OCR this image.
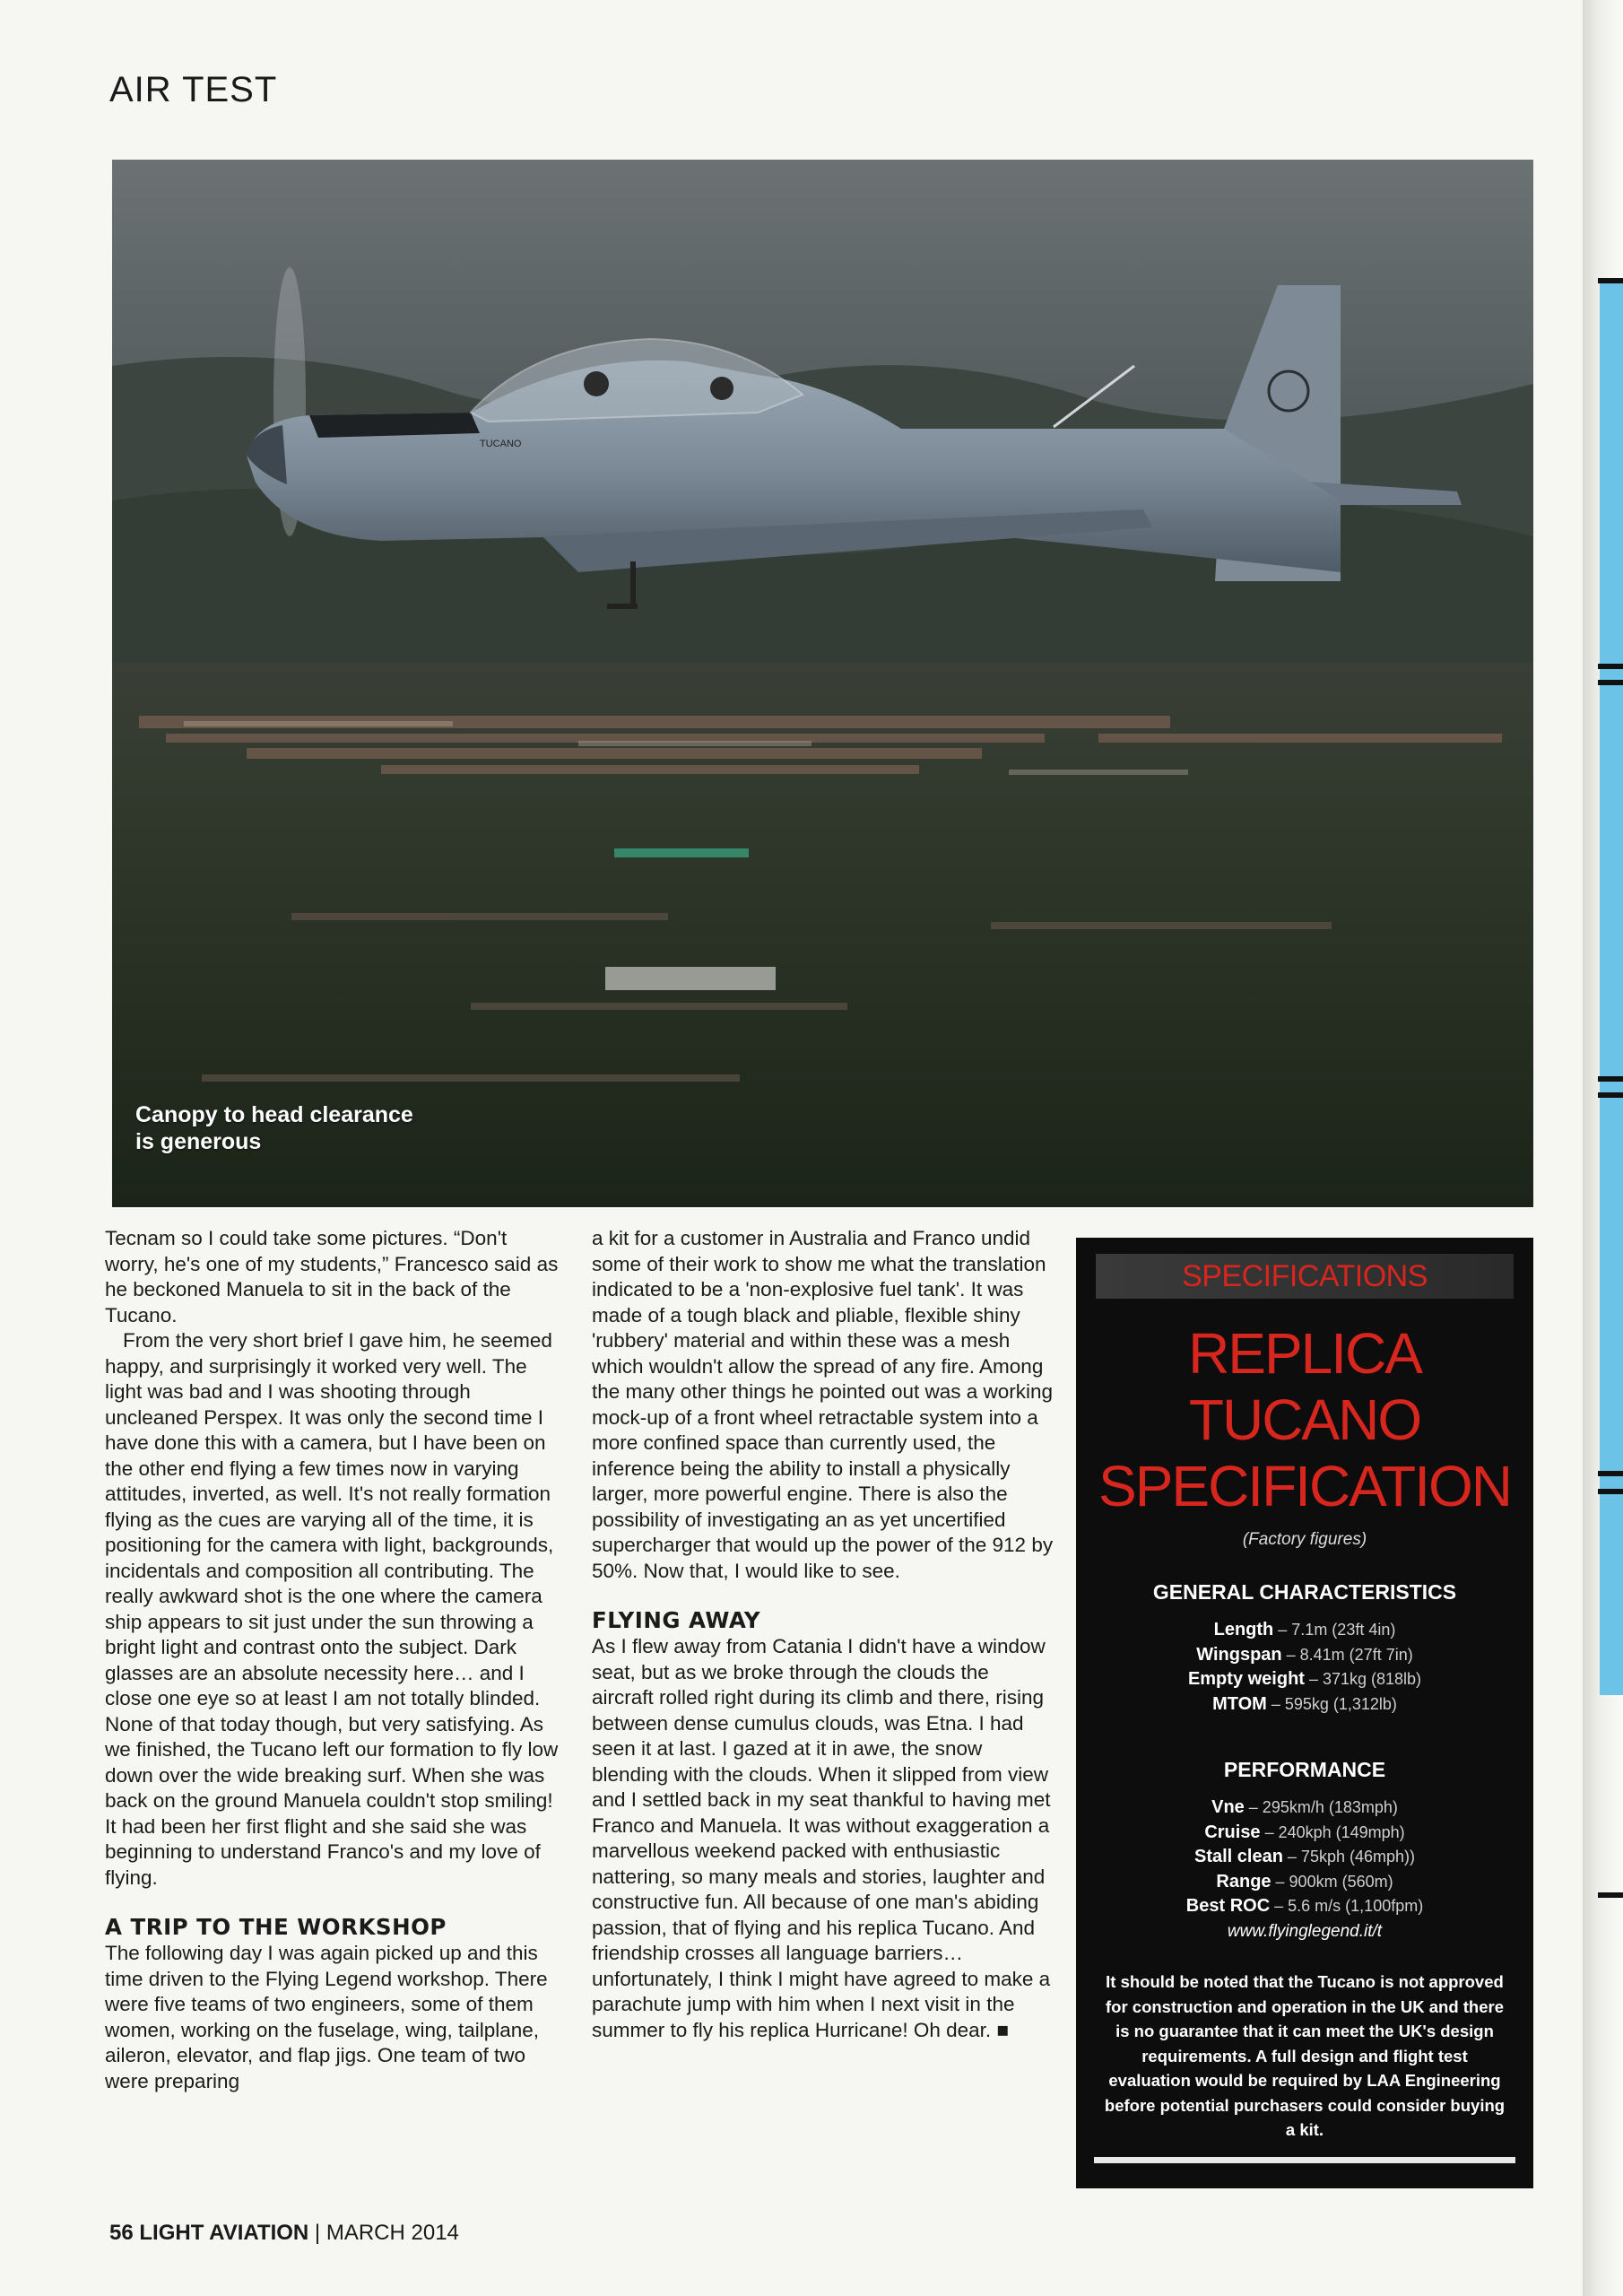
AIR TEST
TUCANO
Canopy to head clearance
is generous

Tecnam so I could take some pictures. “Don't worry, he's one of my students,” Francesco said as he beckoned Manuela to sit in the back of the Tucano.

From the very short brief I gave him, he seemed happy, and surprisingly it worked very well. The light was bad and I was shooting through uncleaned Perspex. It was only the second time I have done this with a camera, but I have been on the other end flying a few times now in varying attitudes, inverted, as well. It's not really formation flying as the cues are varying all of the time, it is positioning for the camera with light, backgrounds, incidentals and composition all contributing. The really awkward shot is the one where the camera ship appears to sit just under the sun throwing a bright light and contrast onto the subject. Dark glasses are an absolute necessity here… and I close one eye so at least I am not totally blinded. None of that today though, but very satisfying. As we finished, the Tucano left our formation to fly low down over the wide breaking surf. When she was back on the ground Manuela couldn't stop smiling! It had been her first flight and she said she was beginning to understand Franco's and my love of flying.

A TRIP TO THE WORKSHOP

The following day I was again picked up and this time driven to the Flying Legend workshop. There were five teams of two engineers, some of them women, working on the fuselage, wing, tailplane, aileron, elevator, and flap jigs. One team of two were preparing

a kit for a customer in Australia and Franco undid some of their work to show me what the translation indicated to be a 'non-explosive fuel tank'. It was made of a tough black and pliable, flexible shiny 'rubbery' material and within these was a mesh which wouldn't allow the spread of any fire. Among the many other things he pointed out was a working mock-up of a front wheel retractable system into a more confined space than currently used, the inference being the ability to install a physically larger, more powerful engine. There is also the possibility of investigating an as yet uncertified supercharger that would up the power of the 912 by 50%. Now that, I would like to see.

FLYING AWAY

As I flew away from Catania I didn't have a window seat, but as we broke through the clouds the aircraft rolled right during its climb and there, rising between dense cumulus clouds, was Etna. I had seen it at last. I gazed at it in awe, the snow blending with the clouds. When it slipped from view and I settled back in my seat thankful to having met Franco and Manuela. It was without exaggeration a marvellous weekend packed with enthusiastic nattering, so many meals and stories, laughter and constructive fun. All because of one man's abiding passion, that of flying and his replica Tucano. And friendship crosses all language barriers… unfortunately, I think I might have agreed to make a parachute jump with him when I next visit in the summer to fly his replica Hurricane! Oh dear. ■

SPECIFICATIONS
REPLICA
TUCANO
SPECIFICATION
(Factory figures)
GENERAL CHARACTERISTICS
Length – 7.1m (23ft 4in)
Wingspan – 8.41m (27ft 7in)
Empty weight – 371kg (818lb)
MTOM – 595kg (1,312lb)
PERFORMANCE
Vne – 295km/h (183mph)
Cruise – 240kph (149mph)
Stall clean – 75kph (46mph))
Range – 900km (560m)
Best ROC – 5.6 m/s (1,100fpm)
www.flyinglegend.it/t
It should be noted that the Tucano is not approved for construction and operation in the UK and there is no guarantee that it can meet the UK's design requirements. A full design and flight test evaluation would be required by LAA Engineering before potential purchasers could consider buying a kit.
56 LIGHT AVIATION | MARCH 2014
